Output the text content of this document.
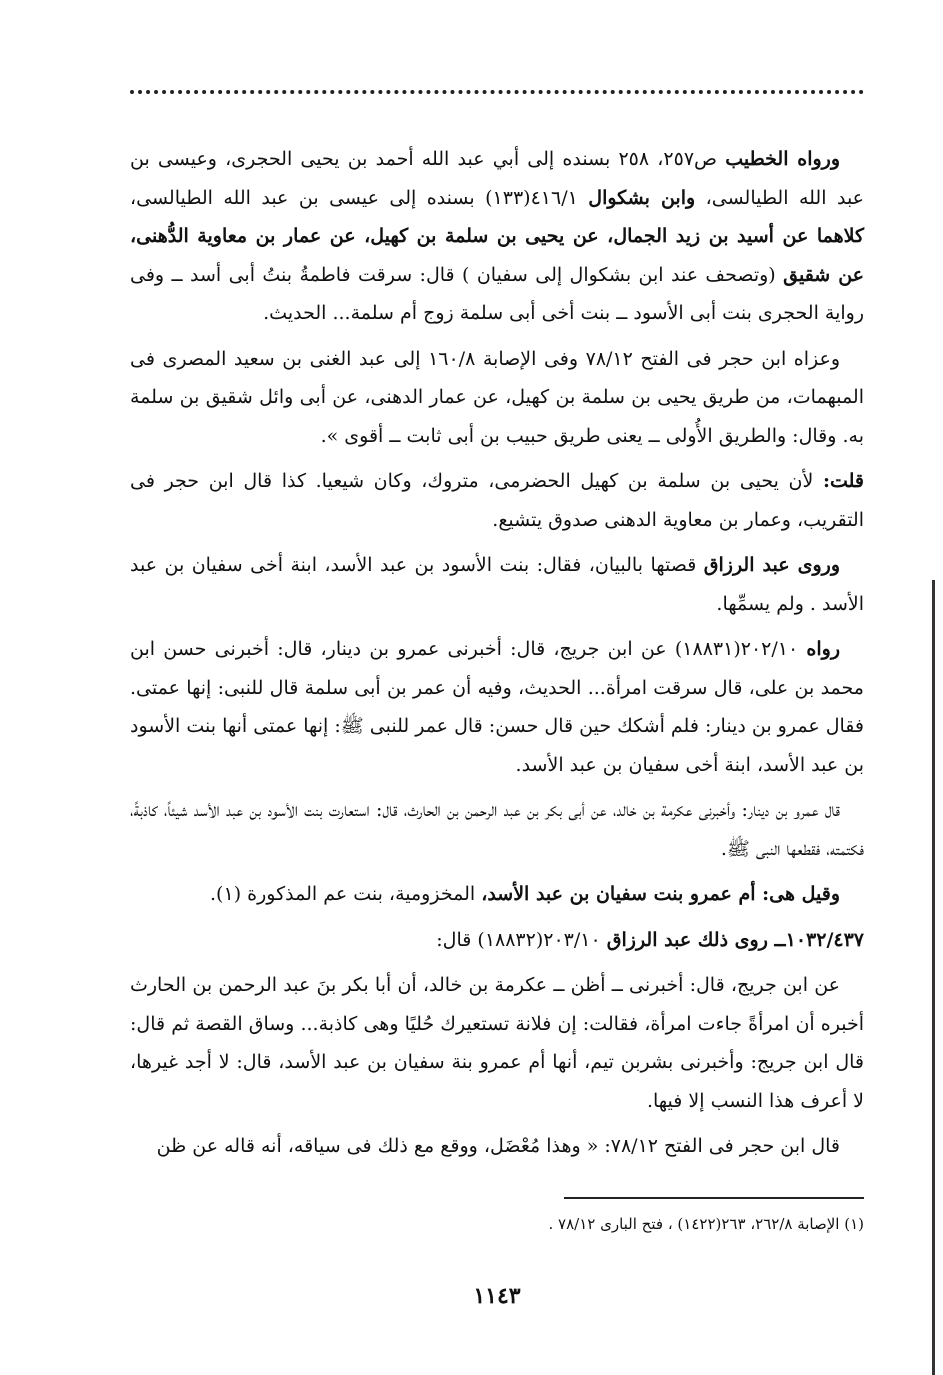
ورواه الخطيب ص٢٥٧، ٢٥٨ بسنده إلى أبي عبد الله أحمد بن يحيى الحجرى، وعيسى بن عبد الله الطيالسى، وابن بشكوال ٤١٦/١(١٣٣) بسنده إلى عيسى بن عبد الله الطيالسى، كلاهما عن أسيد بن زيد الجمال، عن يحيى بن سلمة بن كهيل، عن عمار بن معاوية الدُّهنى، عن شقيق (وتصحف عند ابن بشكوال إلى سفيان ) قال: سرقت فاطمةُ بنتُ أبى أسد ــ وفى رواية الحجرى بنت أبى الأسود ــ بنت أخى أبى سلمة زوج أم سلمة... الحديث.

وعزاه ابن حجر فى الفتح ٧٨/١٢ وفى الإصابة ١٦٠/٨ إلى عبد الغنى بن سعيد المصرى فى المبهمات، من طريق يحيى بن سلمة بن كهيل، عن عمار الدهنى، عن أبى وائل شقيق بن سلمة به. وقال: والطريق الأُولى ــ يعنى طريق حبيب بن أبى ثابت ــ أقوى ».

قلت: لأن يحيى بن سلمة بن كهيل الحضرمى، متروك، وكان شيعيا. كذا قال ابن حجر فى التقريب، وعمار بن معاوية الدهنى صدوق يتشيع.

وروى عبد الرزاق قصتها بالبيان، فقال: بنت الأسود بن عبد الأسد، ابنة أخى سفيان بن عبد الأسد . ولم يسمِّها.

رواه ٢٠٢/١٠(١٨٨٣١) عن ابن جريج، قال: أخبرنى عمرو بن دينار، قال: أخبرنى حسن ابن محمد بن على، قال سرقت امرأة... الحديث، وفيه أن عمر بن أبى سلمة قال للنبى: إنها عمتى. فقال عمرو بن دينار: فلم أشكك حين قال حسن: قال عمر للنبى ﷺ: إنها عمتى أنها بنت الأسود بن عبد الأسد، ابنة أخى سفيان بن عبد الأسد.

قال عمرو بن دينار: وأخبرنى عكرمة بن خالد، عن أبى بكر بن عبد الرحمن بن الحارث، قال: استعارت بنت الأسود بن عبد الأسد شيئاً، كاذبةً، فكتمته، فقطعها النبى ﷺ.

وقيل هى: أم عمرو بنت سفيان بن عبد الأسد، المخزومية، بنت عم المذكورة (١).

١٠٣٢/٤٣٧ــ روى ذلك عبد الرزاق ٢٠٣/١٠(١٨٨٣٢) قال:

عن ابن جريج، قال: أخبرنى ــ أظن ــ عكرمة بن خالد، أن أبا بكر بنَ عبد الرحمن بن الحارث أخبره أن امرأةً جاءت امرأة، فقالت: إن فلانة تستعيرك حُليًا وهى كاذبة... وساق القصة ثم قال: قال ابن جريج: وأخبرنى بشربن تيم، أنها أم عمرو بنة سفيان بن عبد الأسد، قال: لا أجد غيرها، لا أعرف هذا النسب إلا فيها.

قال ابن حجر فى الفتح ٧٨/١٢: « وهذا مُعْضَل، ووقع مع ذلك فى سياقه، أنه قاله عن ظن

(١) الإصابة ٢٦٢/٨، ٢٦٣(١٤٢٢) ، فتح البارى ٧٨/١٢ .
١١٤٣
